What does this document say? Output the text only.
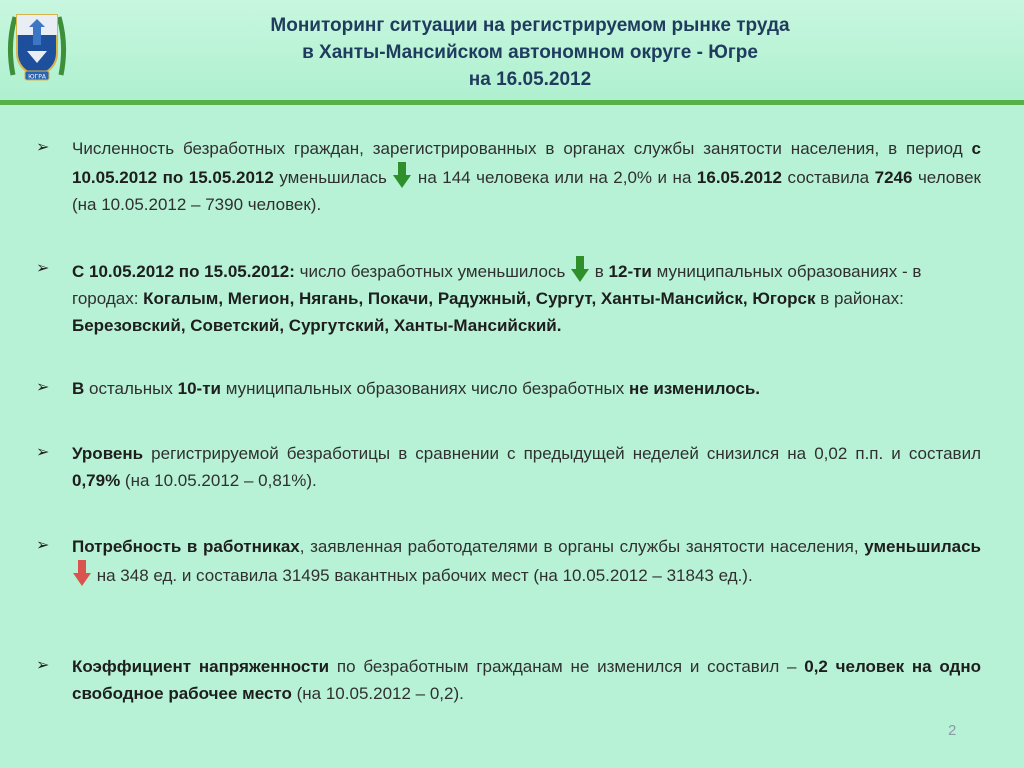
ЮГРА
Мониторинг ситуации на регистрируемом рынке труда
в Ханты-Мансийском автономном округе - Югре
на 16.05.2012
➢ Численность безработных граждан, зарегистрированных в органах службы занятости населения, в период с 10.05.2012 по 15.05.2012 уменьшилась  на 144 человека или на 2,0% и на 16.05.2012 составила 7246 человек (на 10.05.2012 – 7390 человек).
➢ С 10.05.2012 по 15.05.2012: число безработных уменьшилось  в 12-ти муниципальных образованиях - в городах: Когалым, Мегион, Нягань, Покачи, Радужный, Сургут, Ханты-Мансийск, Югорск в районах: Березовский, Советский, Сургутский, Ханты-Мансийский.
➢ В остальных 10-ти муниципальных образованиях число безработных не изменилось.
➢ Уровень регистрируемой безработицы в сравнении с предыдущей неделей снизился на 0,02 п.п. и составил 0,79% (на 10.05.2012 – 0,81%).
➢ Потребность в работниках, заявленная работодателями в органы службы занятости населения, уменьшилась  на 348 ед. и составила 31495 вакантных рабочих мест (на 10.05.2012 – 31843 ед.).
➢ Коэффициент напряженности по безработным гражданам не изменился и составил – 0,2 человек на одно свободное рабочее место (на 10.05.2012 – 0,2).
2
